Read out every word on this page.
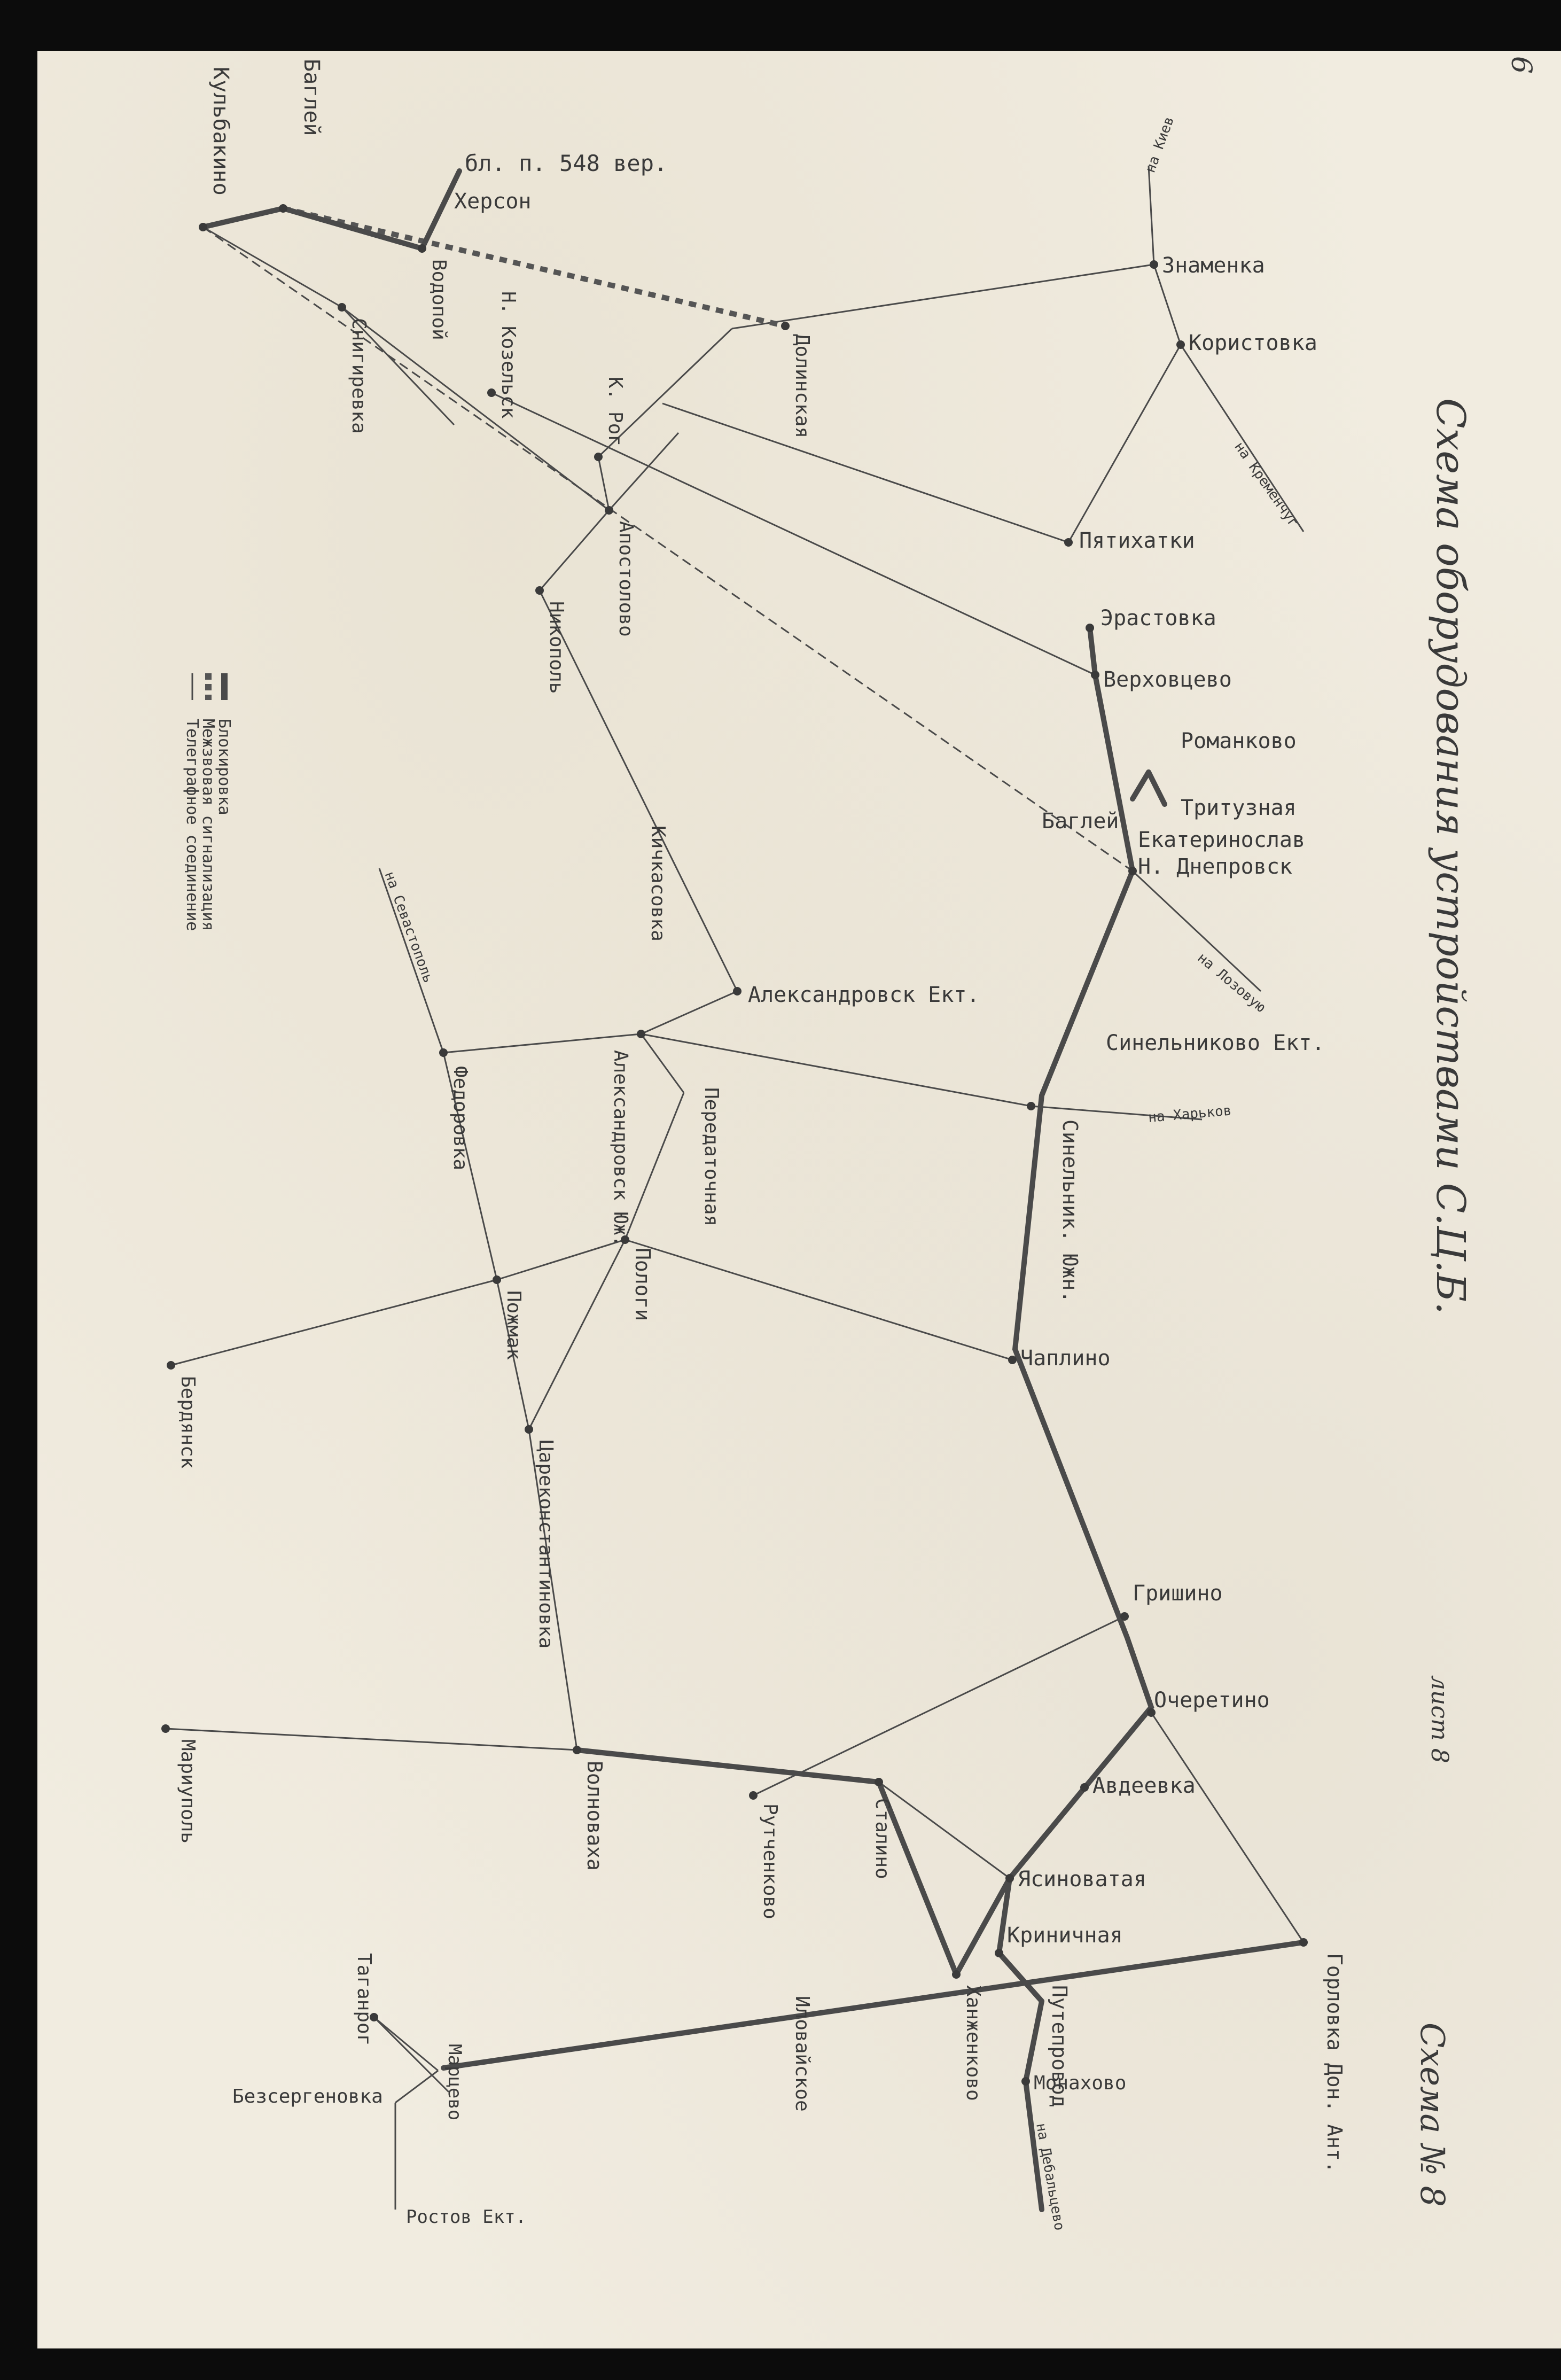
Схема оборудования устройствами С.Ц.Б.
Схема № 8
лист 8
6
Блокировка
Межзвовая сигнализация
Телеграфное соединение
Знаменка
Користовка
Пятихатки
Эрастовка
Верховцево
Романково
Тритузная
Екатеринослав
Н. Днепровск
Синельниково Ект.
Чаплино
Гришино
Очеретино
Авдеевка
Ясиноватая
Криничная
Монахово
Безсергеновка
Ростов Ект.
бл. п. 548 вер.
Херсон
Баглей
Александровск Ект.
Синельник. Южн.
Горловка Дон. Ант.
Путепровод
Ханженково
Иловайское
Таганрог
Марцево
Мариуполь	Волноваха	Рутченково	Сталино
Цареконстантиновка
Бердянск
Пологи
Пожмак
Федоровка	Александровск Юж.	Передаточная
Кичкасовка
Никополь
Апостолово
К. Рог
Н. Козельск	Долинская
Снигиревка
Водопой
Кульбакино	Баглей
на Киев
на Кременчуг
на Харьков
на Лозовую
на Севастополь
на Дебальцево
